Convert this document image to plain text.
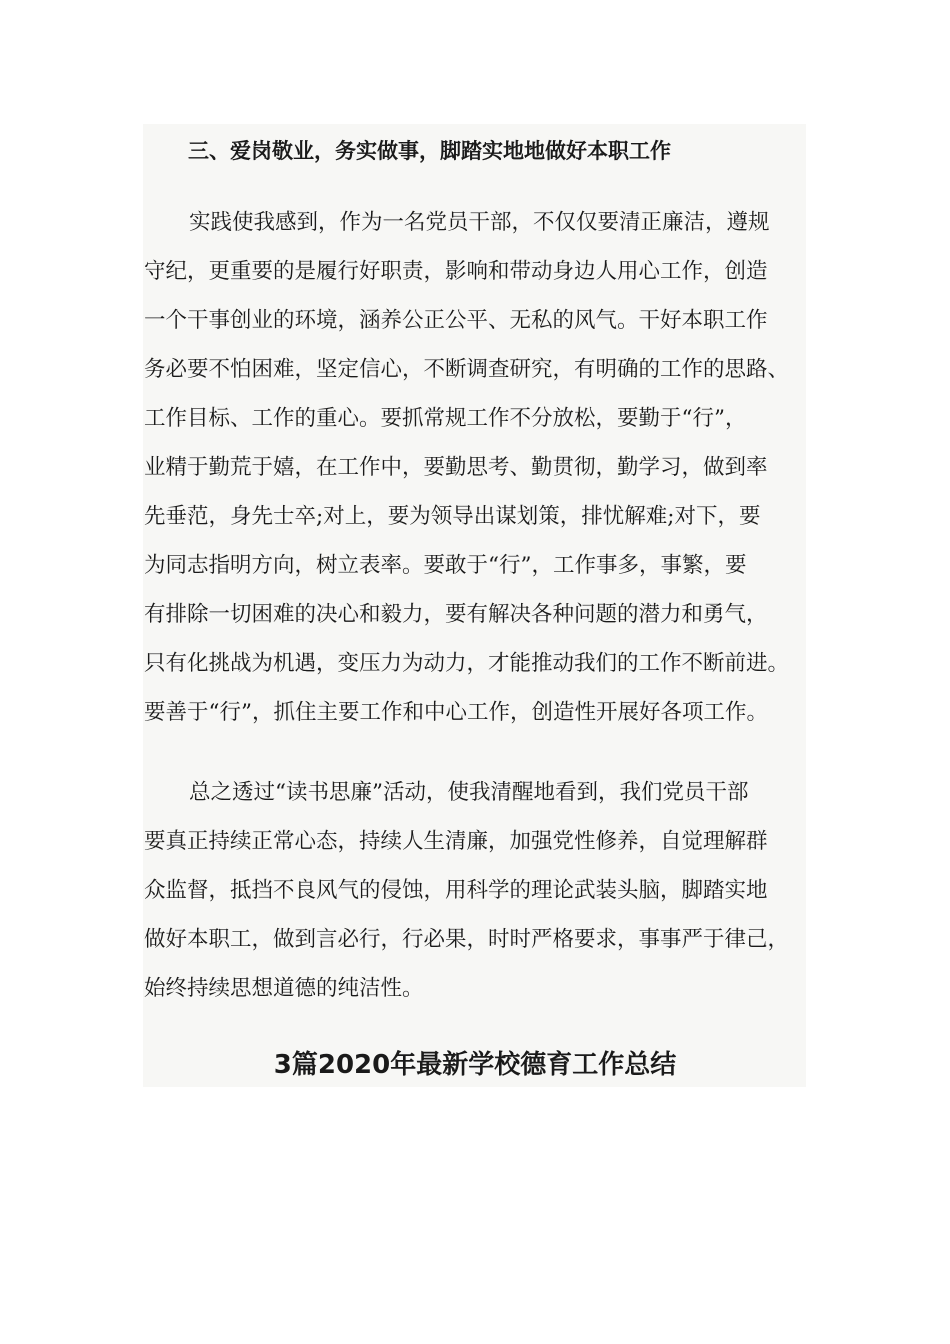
三、爱岗敬业，务实做事，脚踏实地地做好本职工作
实践使我感到，作为一名党员干部，不仅仅要清正廉洁，遵规
守纪，更重要的是履行好职责，影响和带动身边人用心工作，创造
一个干事创业的环境，涵养公正公平、无私的风气。干好本职工作
务必要不怕困难，坚定信心，不断调查研究，有明确的工作的思路、
工作目标、工作的重心。要抓常规工作不分放松，要勤于“行”，
业精于勤荒于嬉，在工作中，要勤思考、勤贯彻，勤学习，做到率
先垂范，身先士卒;对上，要为领导出谋划策，排忧解难;对下，要
为同志指明方向，树立表率。要敢于“行”，工作事多，事繁，要
有排除一切困难的决心和毅力，要有解决各种问题的潜力和勇气，
只有化挑战为机遇，变压力为动力，才能推动我们的工作不断前进。
要善于“行”，抓住主要工作和中心工作，创造性开展好各项工作。
总之透过“读书思廉”活动，使我清醒地看到，我们党员干部
要真正持续正常心态，持续人生清廉，加强党性修养，自觉理解群
众监督，抵挡不良风气的侵蚀，用科学的理论武装头脑，脚踏实地
做好本职工，做到言必行，行必果，时时严格要求，事事严于律己，
始终持续思想道德的纯洁性。
3篇2020年最新学校德育工作总结
